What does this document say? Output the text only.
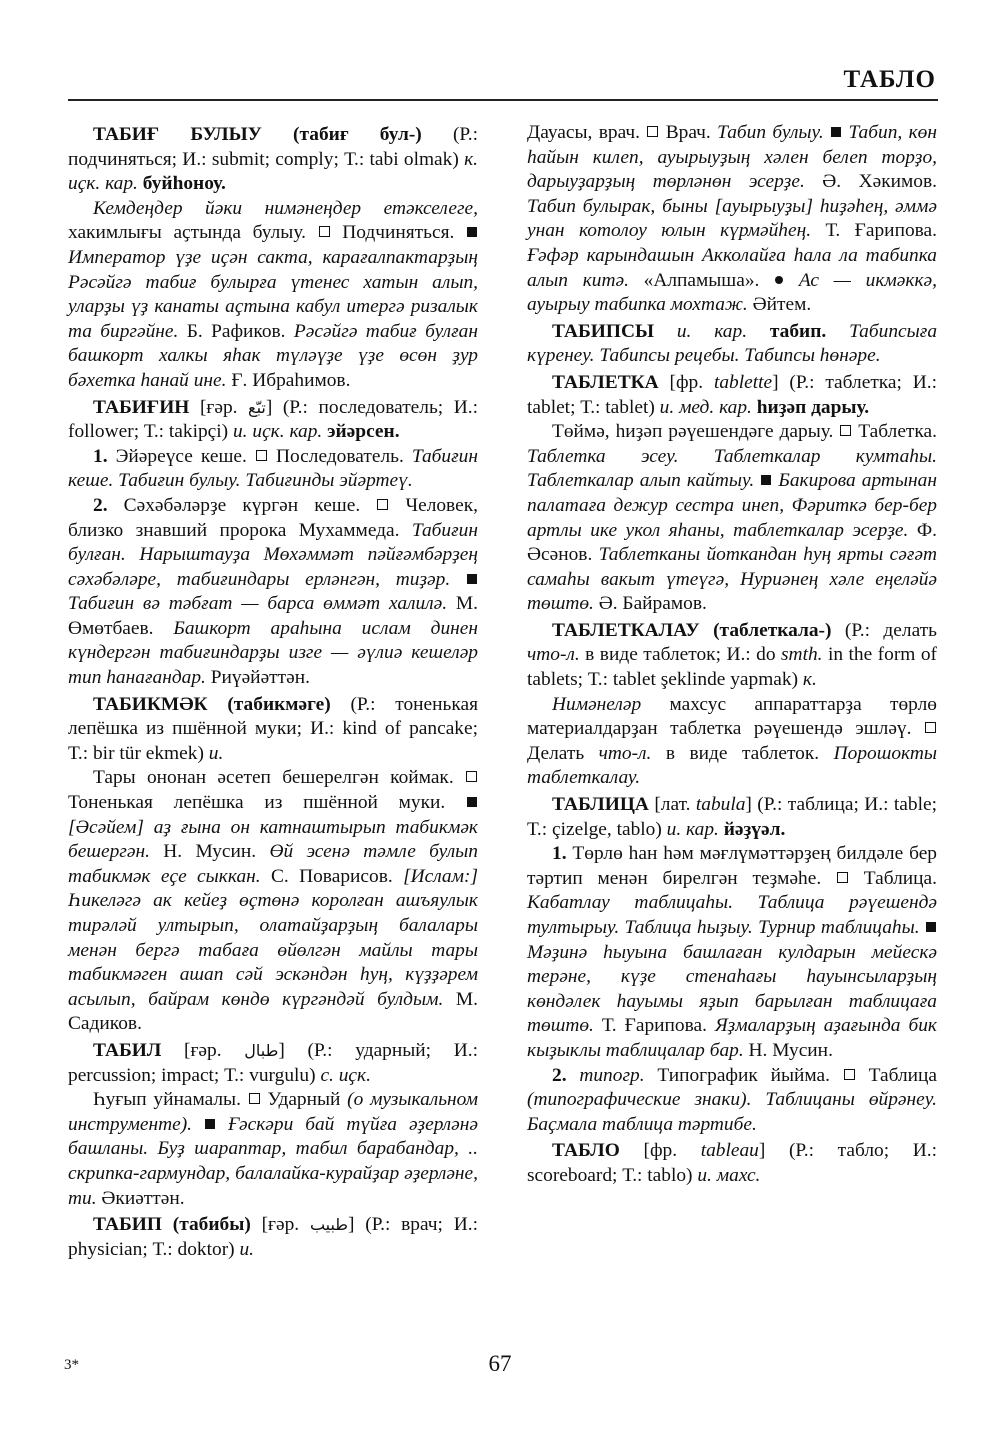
ТАБЛО

ТАБИҒ БУЛЫУ (табиғ бул-) (Р.: подчиняться; И.: submit; comply; Т.: tabi olmak) к. иҫк. кар. буйһоноу.

Кемдеңдер йәки нимәнеңдер етәкселеге, хакимлығы аҫтында булыу.  Подчиняться.  Император үҙе иҫән сакта, карағалпактарҙың Рәсәйгә табиғ булырға үтенес хатын алып, уларҙы үҙ канаты аҫтына кабул итергә ризалык та биргәйне. Б. Рафиков. Рәсәйгә табиғ булған башкорт халкы яһак түләүҙе үҙе өсөн ҙур бәхетка һанай ине. Ғ. Ибраһимов.

ТАБИҒИН [ғәр. تبّع] (Р.: последователь; И.: follower; Т.: takipçi) и. иҫк. кар. эйәрсен.

1. Эйәреүсе кеше.  Последователь. Табиғин кеше. Табиғин булыу. Табиғинды эйәртеү.

2. Сәхәбәләрҙе күргән кеше.  Человек, близко знавший пророка Мухаммеда. Табиғин булған. Нарыштауҙа Мөхәммәт пәйғәмбәрҙең сәхәбәләре, табиғиндары ерләнгән, тиҙәр.  Табиғин вә тәбғат — барса өммәт халилә. М. Өмөтбаев. Башкорт араһына ислам динен күндергән табиғиндарҙы изге — әүлиә кешеләр тип һанағандар. Риүәйәттән.

ТАБИКМӘК (табикмәге) (Р.: тоненькая лепёшка из пшённой муки; И.: kind of pancake; Т.: bir tür ekmek) и.

Тары ононан әсетеп бешерелгән коймак.  Тоненькая лепёшка из пшённой муки.  [Әсәйем] аҙ ғына он катнаштырып табикмәк бешергән. Н. Мусин. Өй эсенә тәмле булып табикмәк еҫе сыккан. С. Поварисов. [Ислам:] Һикеләгә ак кейеҙ өҫтөнә королған ашъяулык тирәләй ултырып, олатайҙарҙың балалары менән бергә табаға өйөлгән майлы тары табикмәген ашап сәй эскәндән һуң, күҙҙәрем асылып, байрам көндө күргәндәй булдым. М. Садиков.

ТАБИЛ [ғәр. طبال] (Р.: ударный; И.: percussion; impact; Т.: vurgulu) с. иҫк.

Һуғып уйнамалы.  Ударный (о музыкальном инструменте). Ғәскәри бай түйға әҙерләнә башланы. Буҙ шараптар, табил барабандар, .. скрипка-гармундар, балалайка-курайҙар әҙерләне, ти. Әкиәттән.

ТАБИП (табибы) [ғәр. طبيب] (Р.: врач; И.: physician; Т.: doktor) и.

Дауасы, врач.  Врач. Табип булыу. Табип, көн һайын килеп, ауырыуҙың хәлен белеп торҙо, дарыуҙарҙың төрләнөн эсерҙе. Ә. Хәкимов. Табип булырак, быны [ауырыуҙы] һиҙәһең, әммә унан котолоу юлын күрмәйһең. Т. Ғарипова. Ғәфәр карындашын Акколайға һала ла табипка алып китә. «Алпамыша».  Ас — икмәккә, ауырыу табипка мохтаж. Әйтем.

ТАБИПСЫ и. кар. табип. Табипсыға күренеу. Табипсы рецебы. Табипсы һөнәре.

ТАБЛЕТКА [фр. tablette] (Р.: таблетка; И.: tablet; Т.: tablet) и. мед. кар. һиҙәп дарыу.

Төймә, һиҙәп рәүешендәге дарыу.  Таблетка. Таблетка эсеу. Таблеткалар кумтаһы. Таблеткалар алып кайтыу. Бакирова артынан палатаға дежур сестра инеп, Фәриткә бер-бер артлы ике укол яһаны, таблеткалар эсерҙе. Ф. Әсәнов. Таблетканы йоткандан һуң ярты сәғәт самаһы вакыт үтеүгә, Нуриәнең хәле еңеләйә төштө. Ә. Байрамов.

ТАБЛЕТКАЛАУ (таблеткала-) (Р.: делать что-л. в виде таблеток; И.: do smth. in the form of tablets; Т.: tablet şeklinde yapmak) к.

Нимәнеләр махсус аппараттарҙа төрлө материалдарҙан таблетка рәүешендә эшләү.  Делать что-л. в виде таблеток. Порошокты таблеткалау.

ТАБЛИЦА [лат. tabula] (Р.: таблица; И.: table; Т.: çizelge, tablo) и. кар. йәҙүәл.

1. Төрлө һан һәм мәғлүмәттәрҙең билдәле бер тәртип менән бирелгән теҙмәһе.  Таблица. Кабатлау таблицаһы. Таблица рәүешендә тултырыу. Таблица һыҙыу. Турнир таблицаһы.  Мәҙинә һыуына башлаған кулдарын мейескә терәне, күҙе стенаһағы һауынсыларҙың көндәлек һауымы яҙып барылған таблицаға төштө. Т. Ғарипова. Яҙмаларҙың аҙағында бик кыҙыклы таблицалар бар. Н. Мусин.

2. типогр. Типографик йыйма.  Таблица (типографические знаки). Таблицаны өйрәнеу. Баҫмала таблица тәртибе.

ТАБЛО [фр. tableau] (Р.: табло; И.: scoreboard; Т.: tablo) и. махс.

3*	67
